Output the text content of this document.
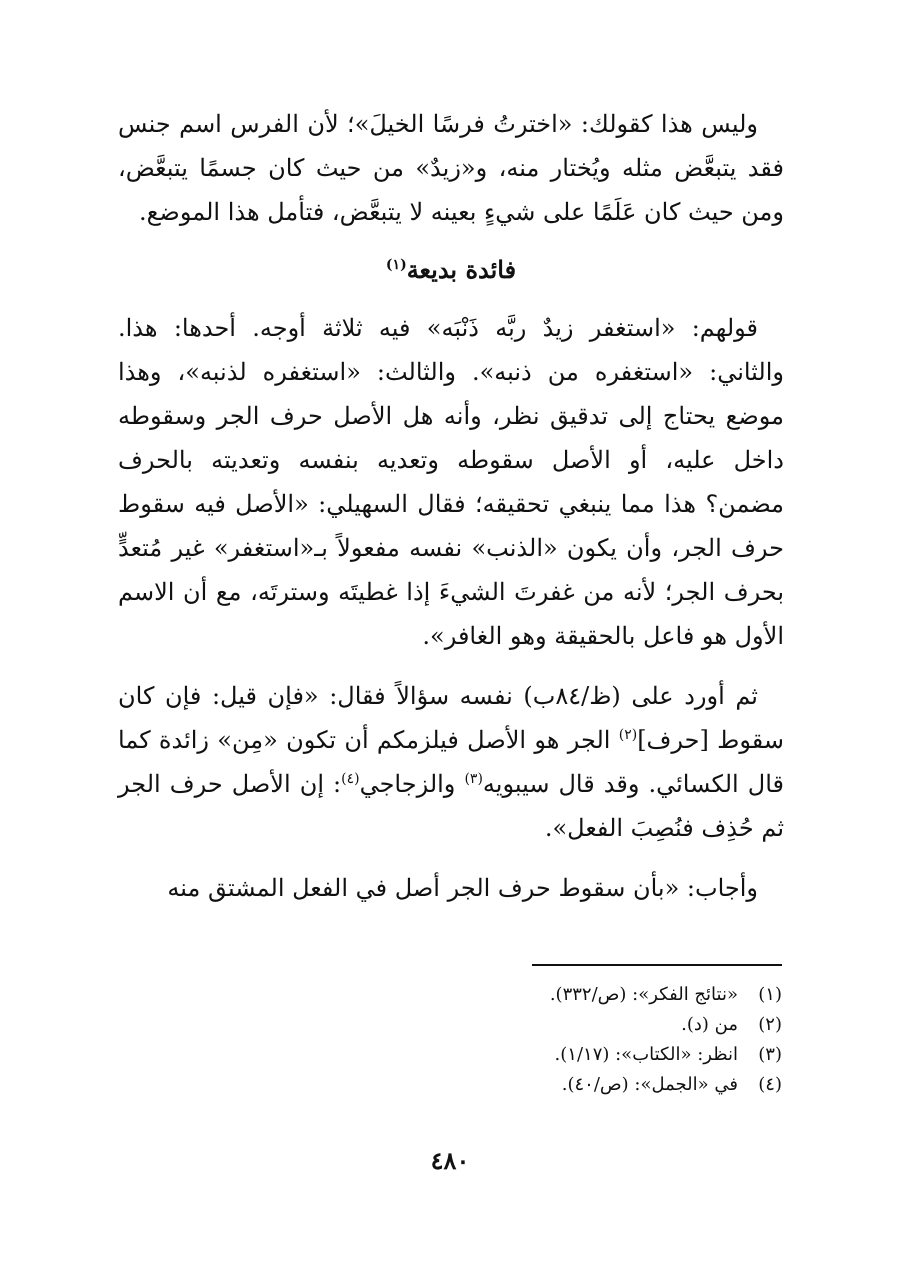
وليس هذا كقولك: «اخترتُ فرسًا الخيلَ»؛ لأن الفرس اسم جنس فقد يتبعَّض مثله ويُختار منه، و«زيدٌ» من حيث كان جسمًا يتبعَّض، ومن حيث كان عَلَمًا على شيءٍ بعينه لا يتبعَّض، فتأمل هذا الموضع.

فائدة بديعة$^{(١)}$

قولهم: «استغفر زيدٌ ربَّه ذَنْبَه» فيه ثلاثة أوجه. أحدها: هذا. والثاني: «استغفره من ذنبه». والثالث: «استغفره لذنبه»، وهذا موضع يحتاج إلى تدقيق نظر، وأنه هل الأصل حرف الجر وسقوطه داخل عليه، أو الأصل سقوطه وتعديه بنفسه وتعديته بالحرف مضمن؟ هذا مما ينبغي تحقيقه؛ فقال السهيلي: «الأصل فيه سقوط حرف الجر، وأن يكون «الذنب» نفسه مفعولاً بـ«استغفر» غير مُتعدٍّ بحرف الجر؛ لأنه من غفرتَ الشيءَ إذا غطيتَه وسترتَه، مع أن الاسم الأول هو فاعل بالحقيقة وهو الغافر».

ثم أورد على (ظ/٨٤ب) نفسه سؤالاً فقال: «فإن قيل: فإن كان سقوط [حرف]$^{(٢)}$ الجر هو الأصل فيلزمكم أن تكون «مِن» زائدة كما قال الكسائي. وقد قال سيبويه$^{(٣)}$ والزجاجي$^{(٤)}$: إن الأصل حرف الجر ثم حُذِف فنُصِبَ الفعل».

وأجاب: «بأن سقوط حرف الجر أصل في الفعل المشتق منه

(١)
«نتائج الفكر»: (ص/٣٣٢).
(٢)
من (د).
(٣)
انظر: «الكتاب»: (١/١٧).
(٤)
في «الجمل»: (ص/٤٠).
٤٨٠
